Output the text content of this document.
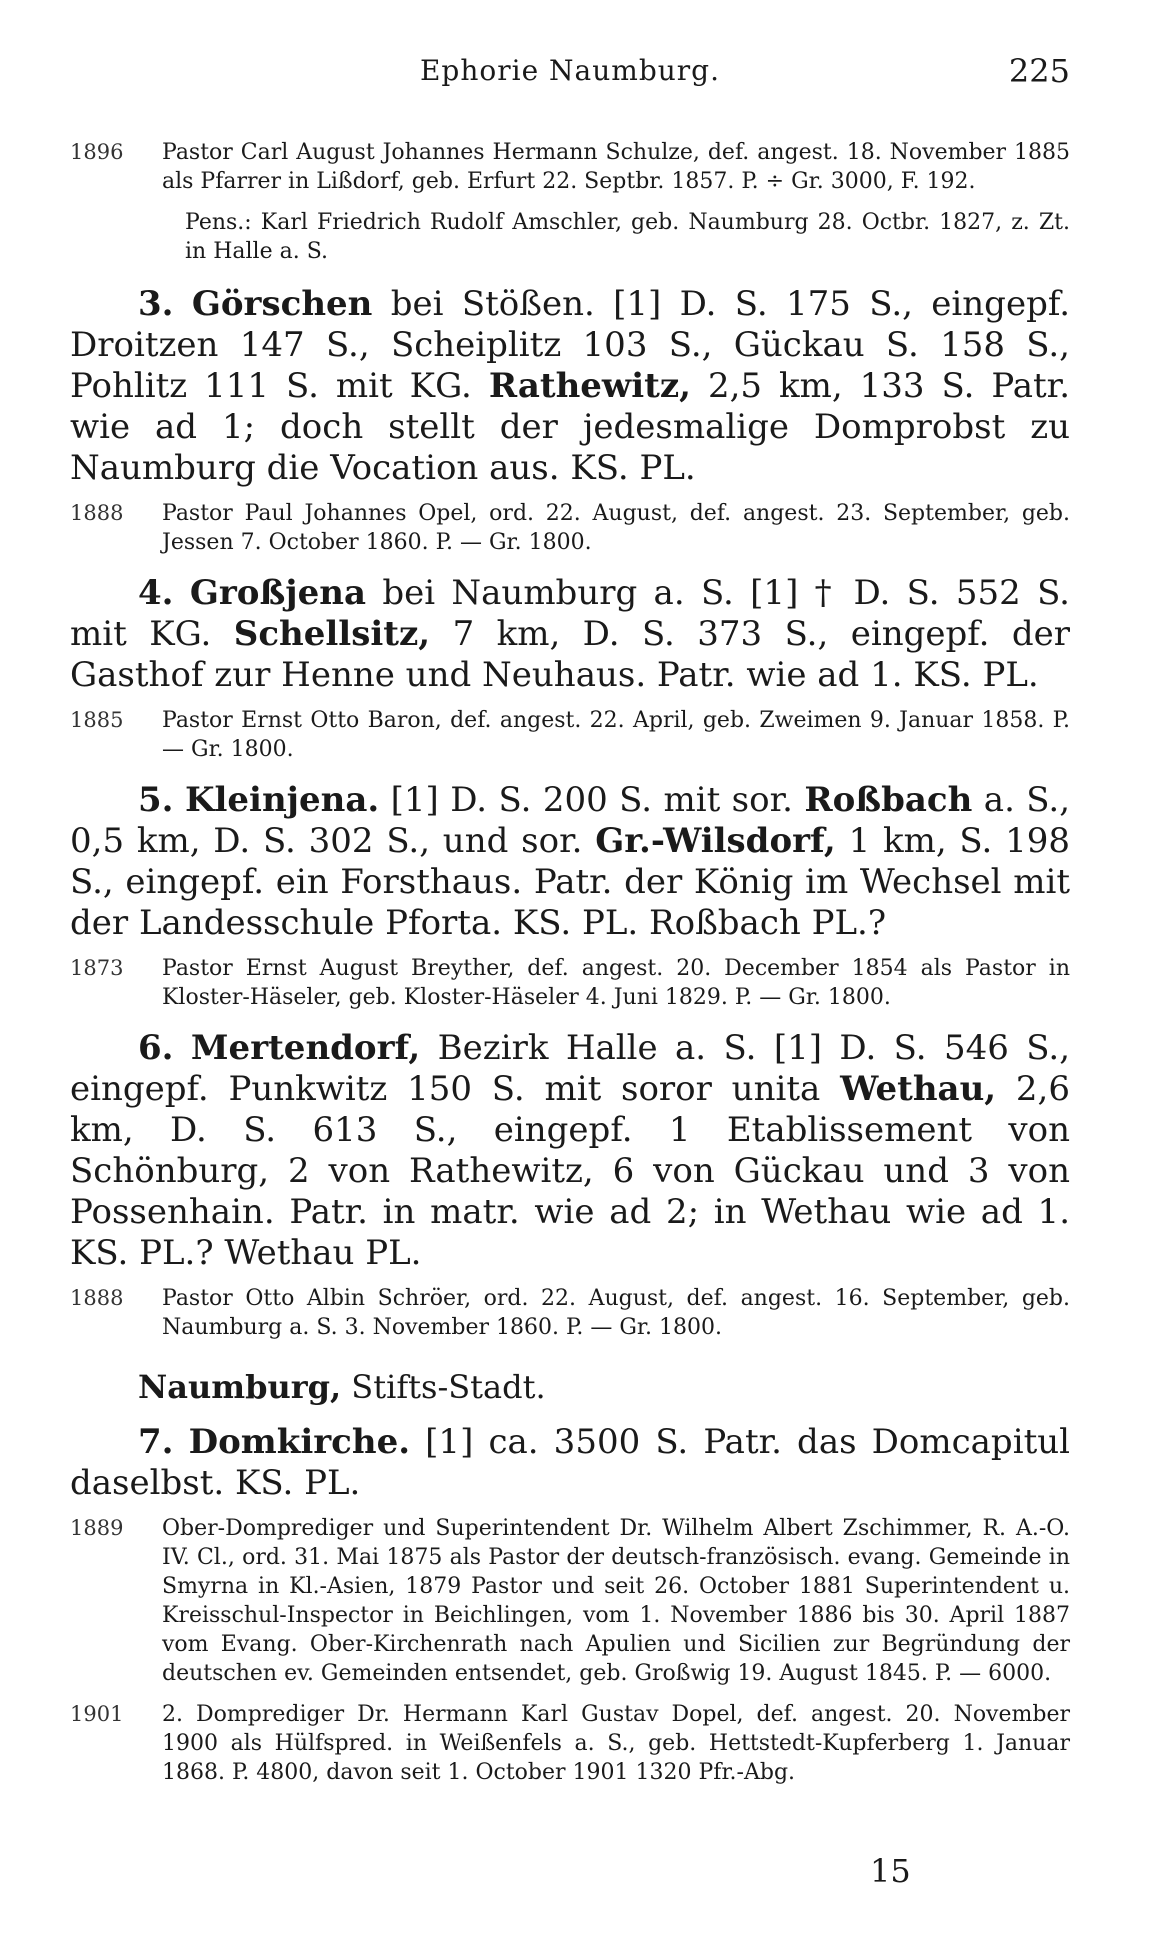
Ephorie Naumburg.	225
1896 Pastor Carl August Johannes Hermann Schulze, def. angest. 18. November 1885 als Pfarrer in Lißdorf, geb. Erfurt 22. Septbr. 1857. P. ÷ Gr. 3000, F. 192.
Pens.: Karl Friedrich Rudolf Amschler, geb. Naumburg 28. Octbr. 1827, z. Zt. in Halle a. S.
3. Görschen bei Stößen. [1] D. S. 175 S., eingepf. Droitzen 147 S., Scheiplitz 103 S., Gückau S. 158 S., Pohlitz 111 S. mit KG. Rathewitz, 2,5 km, 133 S. Patr. wie ad 1; doch stellt der jedesmalige Domprobst zu Naumburg die Vocation aus. KS. PL.
1888 Pastor Paul Johannes Opel, ord. 22. August, def. angest. 23. September, geb. Jessen 7. October 1860. P. — Gr. 1800.
4. Großjena bei Naumburg a. S. [1] † D. S. 552 S. mit KG. Schellsitz, 7 km, D. S. 373 S., eingepf. der Gasthof zur Henne und Neuhaus. Patr. wie ad 1. KS. PL.
1885 Pastor Ernst Otto Baron, def. angest. 22. April, geb. Zweimen 9. Januar 1858. P. — Gr. 1800.
5. Kleinjena. [1] D. S. 200 S. mit sor. Roßbach a. S., 0,5 km, D. S. 302 S., und sor. Gr.-Wilsdorf, 1 km, S. 198 S., eingepf. ein Forsthaus. Patr. der König im Wechsel mit der Landesschule Pforta. KS. PL. Roßbach PL.?
1873 Pastor Ernst August Breyther, def. angest. 20. December 1854 als Pastor in Kloster-Häseler, geb. Kloster-Häseler 4. Juni 1829. P. — Gr. 1800.
6. Mertendorf, Bezirk Halle a. S. [1] D. S. 546 S., eingepf. Punkwitz 150 S. mit soror unita Wethau, 2,6 km, D. S. 613 S., eingepf. 1 Etablissement von Schönburg, 2 von Rathewitz, 6 von Gückau und 3 von Possenhain. Patr. in matr. wie ad 2; in Wethau wie ad 1. KS. PL.? Wethau PL.
1888 Pastor Otto Albin Schröer, ord. 22. August, def. angest. 16. September, geb. Naumburg a. S. 3. November 1860. P. — Gr. 1800.
Naumburg, Stifts-Stadt.
7. Domkirche. [1] ca. 3500 S. Patr. das Domcapitul daselbst. KS. PL.
1889 Ober-Domprediger und Superintendent Dr. Wilhelm Albert Zschimmer, R. A.-O. IV. Cl., ord. 31. Mai 1875 als Pastor der deutsch-französisch. evang. Gemeinde in Smyrna in Kl.-Asien, 1879 Pastor und seit 26. October 1881 Superintendent u. Kreisschul-Inspector in Beichlingen, vom 1. November 1886 bis 30. April 1887 vom Evang. Ober-Kirchenrath nach Apulien und Sicilien zur Begründung der deutschen ev. Gemeinden entsendet, geb. Großwig 19. August 1845. P. — 6000.
1901 2. Domprediger Dr. Hermann Karl Gustav Dopel, def. angest. 20. November 1900 als Hülfspred. in Weißenfels a. S., geb. Hettstedt-Kupferberg 1. Januar 1868. P. 4800, davon seit 1. October 1901 1320 Pfr.-Abg.
15
